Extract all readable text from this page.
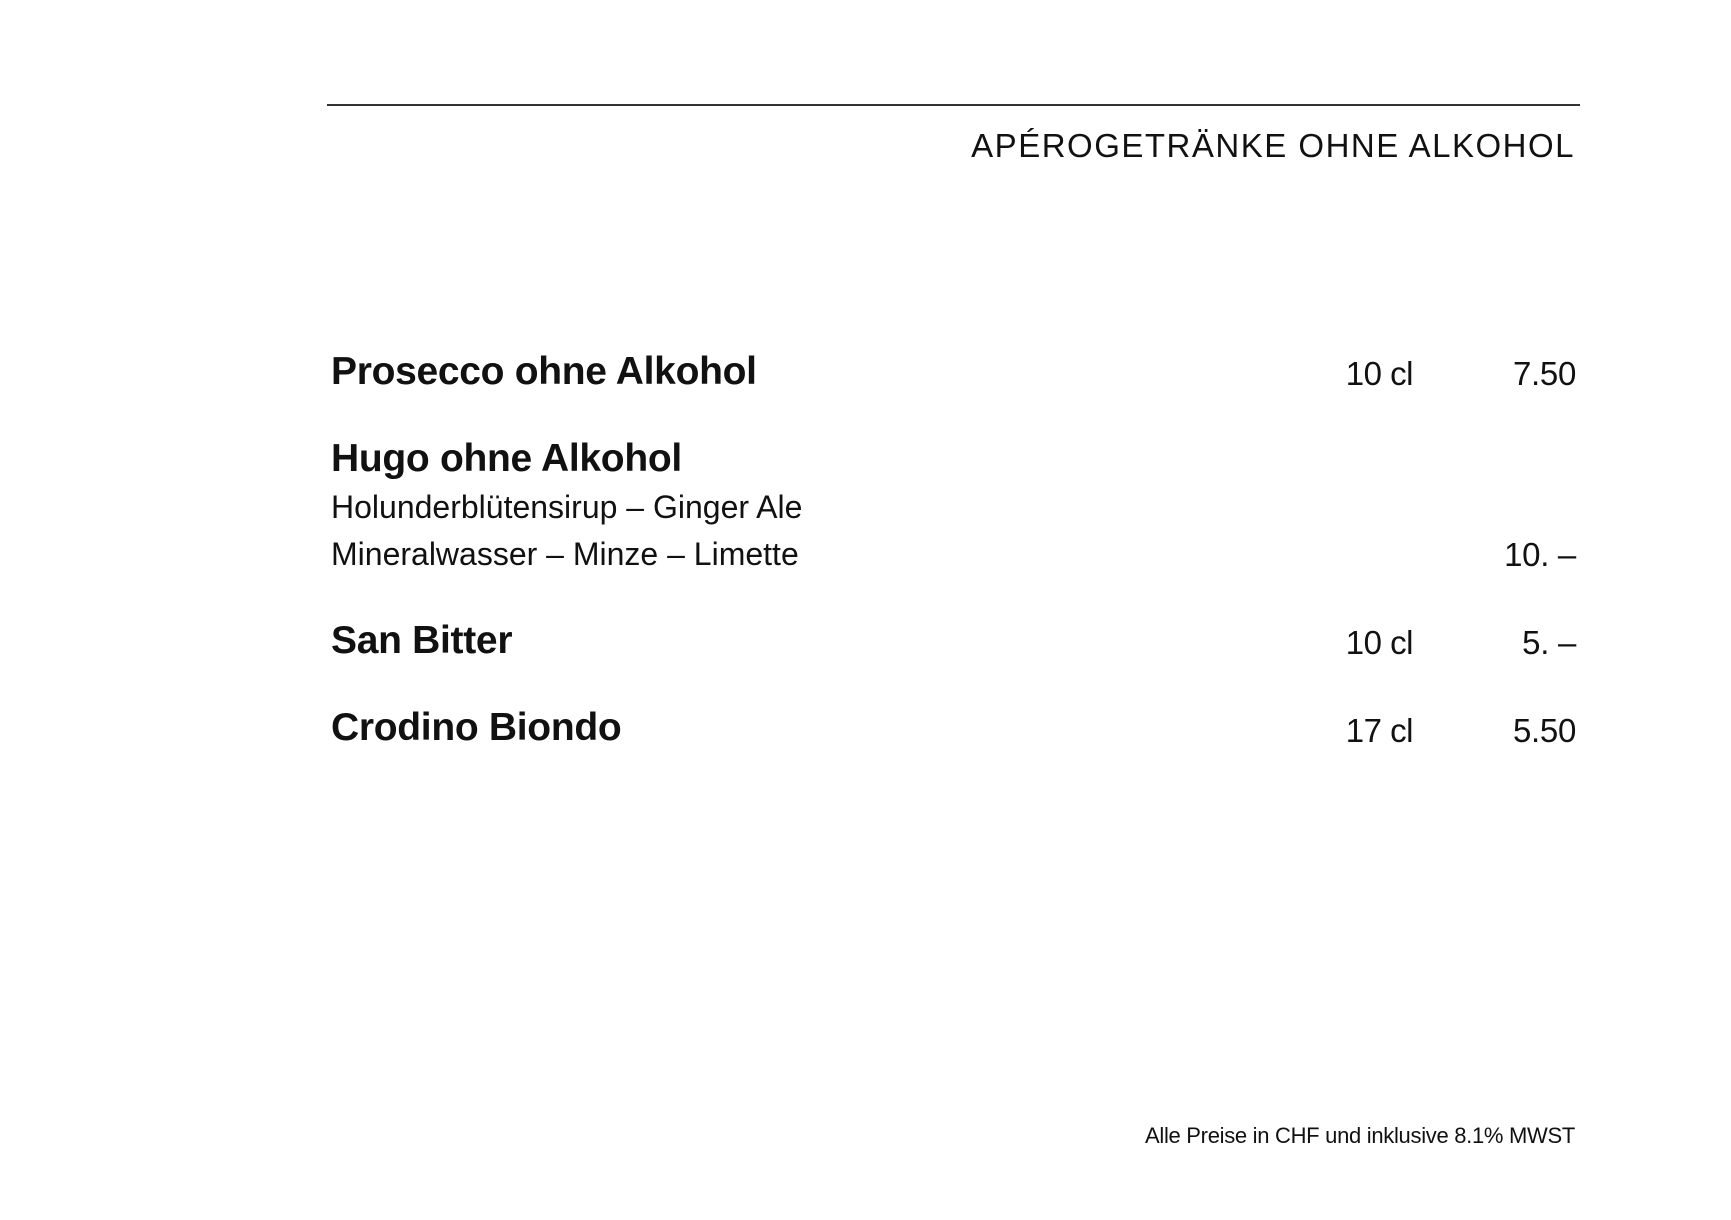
APÉROGETRÄNKE OHNE ALKOHOL
Prosecco ohne Alkohol	10 cl	7.50
Hugo ohne Alkohol
Holunderblütensirup – Ginger Ale
Mineralwasser – Minze – Limette	10. –
San Bitter	10 cl	5. –
Crodino Biondo	17 cl	5.50
Alle Preise in CHF und inklusive 8.1% MWST
